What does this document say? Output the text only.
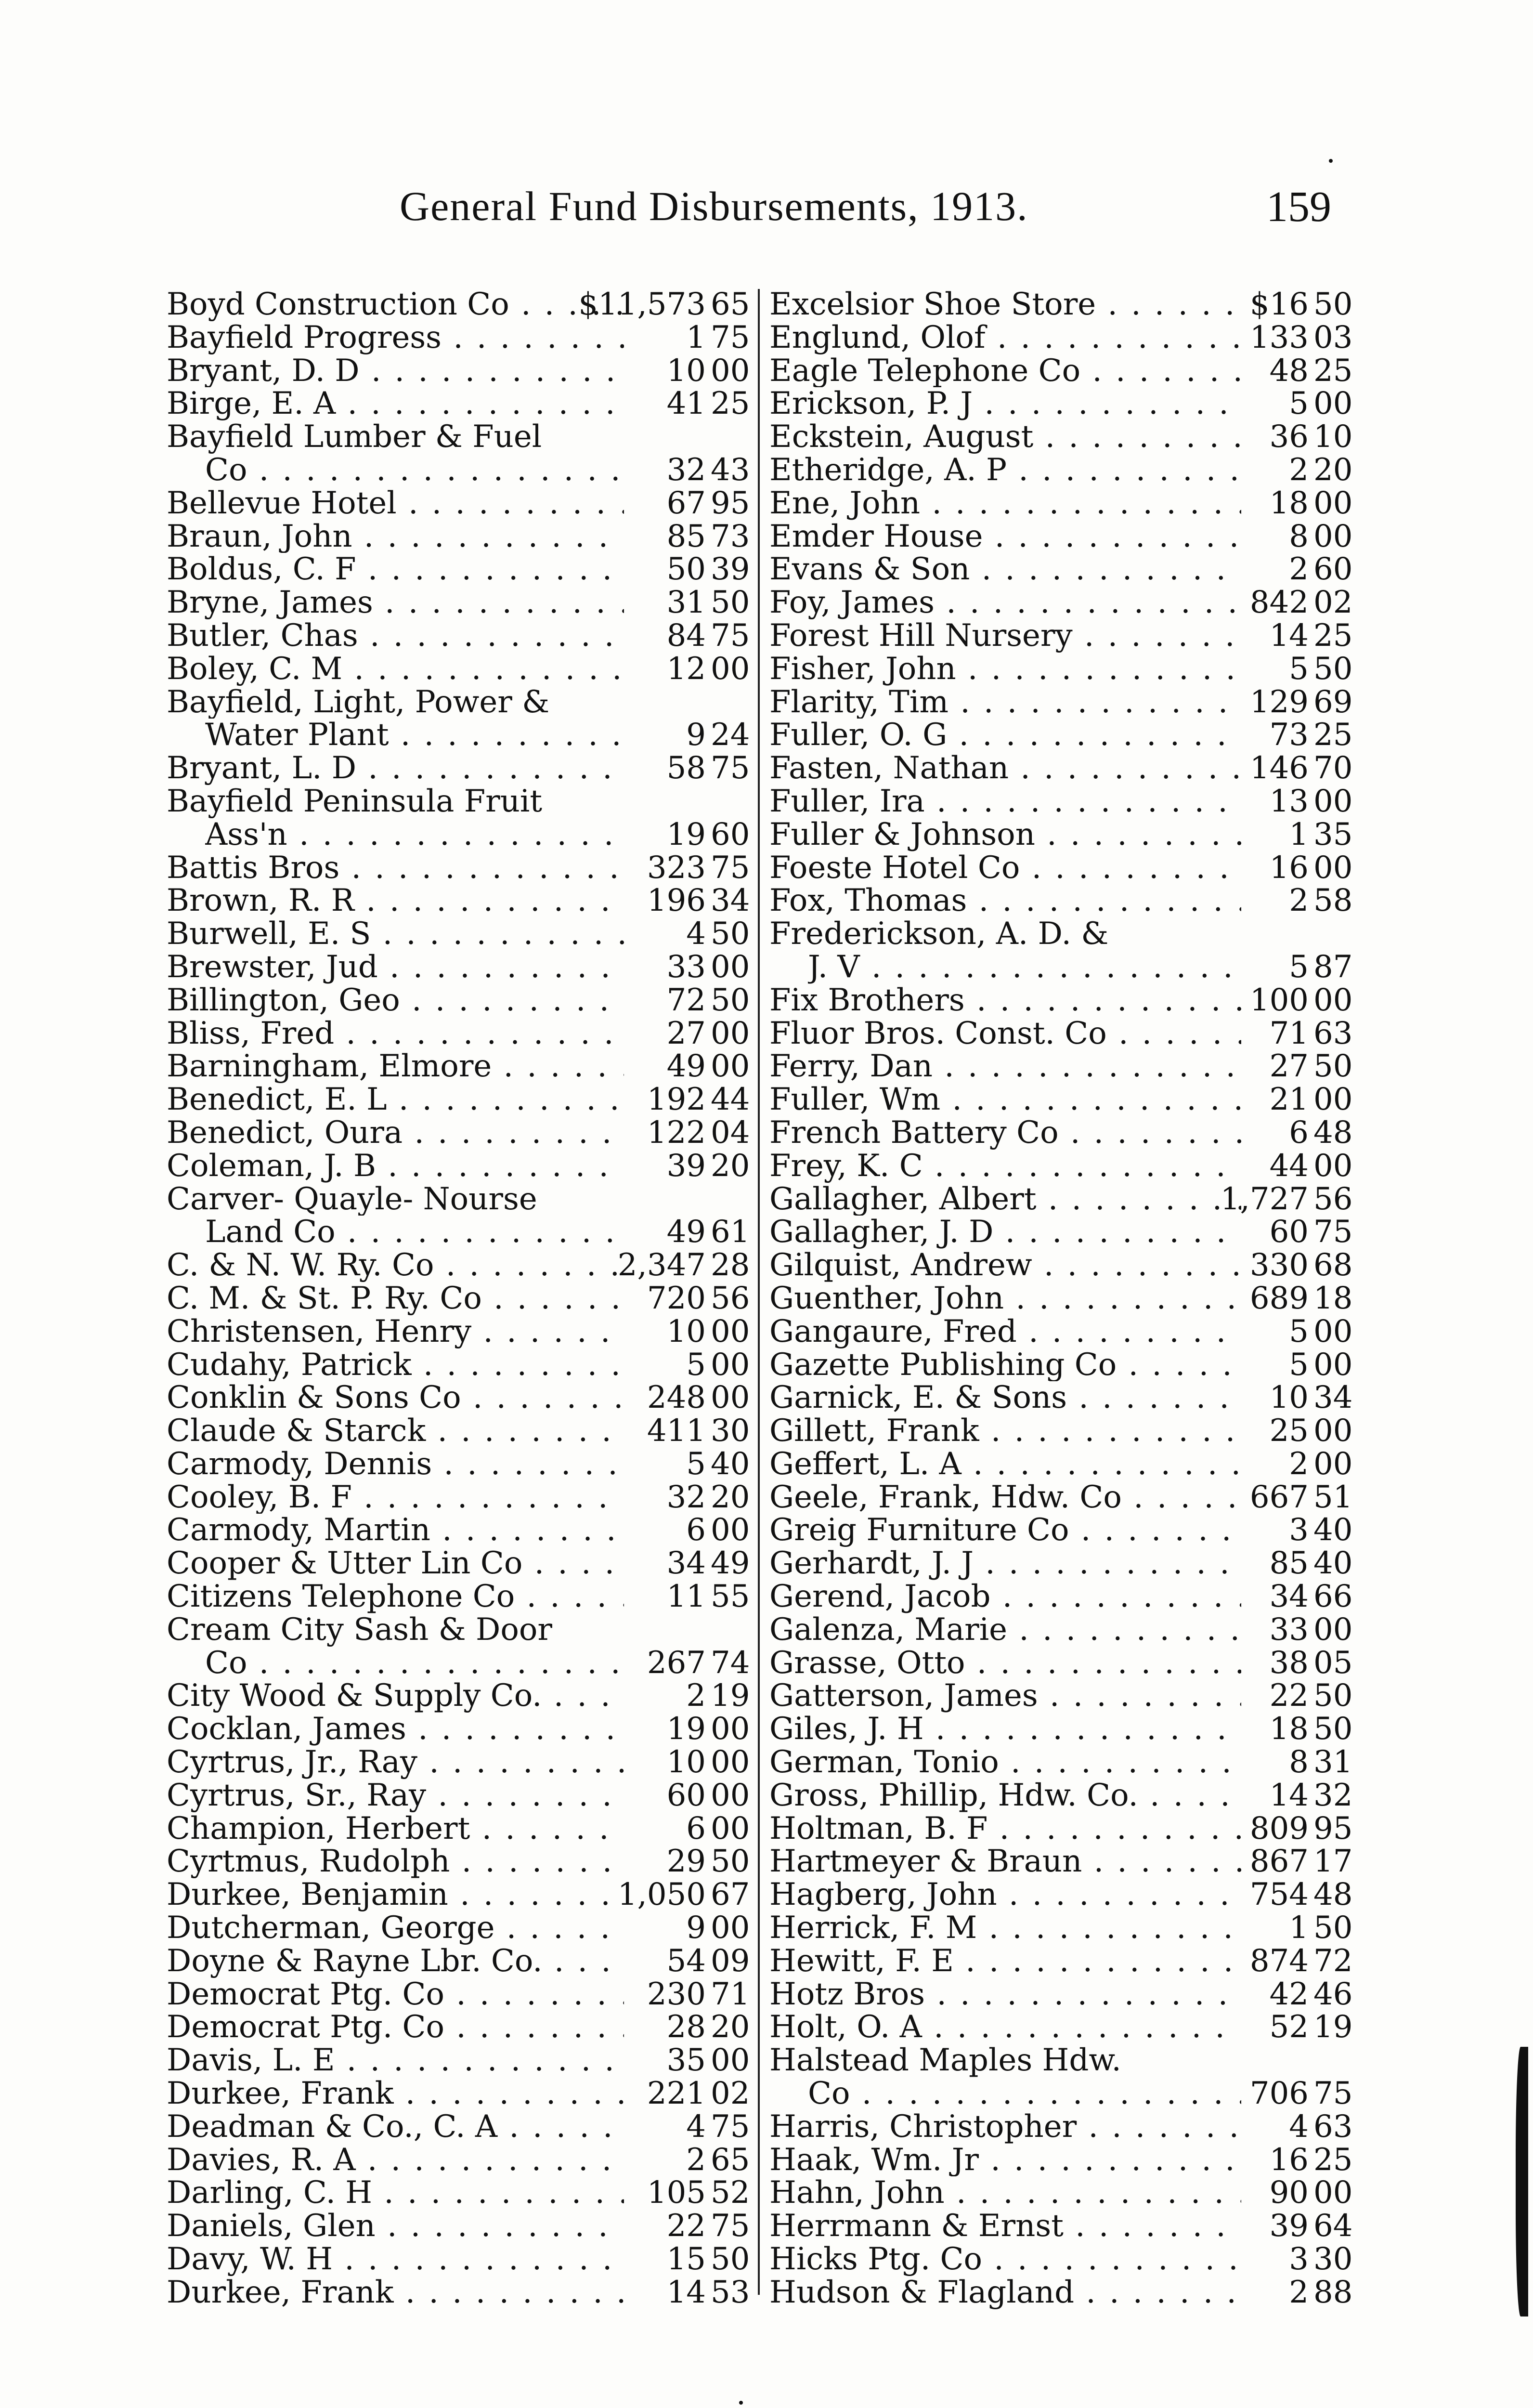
General Fund Disbursements, 1913.	159
Boyd Construction Co . . .	$11,573 65
Bayfield Progress . . .	1 75
Bryant, D. D . . .	10 00
Birge, E. A . . .	41 25
Bayfield Lumber & Fuel
Co . . .	32 43
Bellevue Hotel . . .	67 95
Braun, John . . .	85 73
Boldus, C. F . . .	50 39
Bryne, James . . .	31 50
Butler, Chas . . .	84 75
Boley, C. M . . .	12 00
Bayfield, Light, Power &
Water Plant . . .	9 24
Bryant, L. D . . .	58 75
Bayfield Peninsula Fruit
Ass'n . . .	19 60
Battis Bros . . .	323 75
Brown, R. R . . .	196 34
Burwell, E. S . . .	4 50
Brewster, Jud . . .	33 00
Billington, Geo . . .	72 50
Bliss, Fred . . .	27 00
Barningham, Elmore . . .	49 00
Benedict, E. L . . .	192 44
Benedict, Oura . . .	122 04
Coleman, J. B . . .	39 20
Carver- Quayle- Nourse
Land Co . . .	49 61
C. & N. W. Ry. Co . . .	2,347 28
C. M. & St. P. Ry. Co . . .	720 56
Christensen, Henry . . .	10 00
Cudahy, Patrick . . .	5 00
Conklin & Sons Co . . .	248 00
Claude & Starck . . .	411 30
Carmody, Dennis . . .	5 40
Cooley, B. F . . .	32 20
Carmody, Martin . . .	6 00
Cooper & Utter Lin Co . . .	34 49
Citizens Telephone Co . . .	11 55
Cream City Sash & Door
Co . . .	267 74
City Wood & Supply Co. . . .	2 19
Cocklan, James . . .	19 00
Cyrtrus, Jr., Ray . . .	10 00
Cyrtrus, Sr., Ray . . .	60 00
Champion, Herbert . . .	6 00
Cyrtmus, Rudolph . . .	29 50
Durkee, Benjamin . . .	1,050 67
Dutcherman, George . . .	9 00
Doyne & Rayne Lbr. Co. . . .	54 09
Democrat Ptg. Co . . .	230 71
Democrat Ptg. Co . . .	28 20
Davis, L. E . . .	35 00
Durkee, Frank . . .	221 02
Deadman & Co., C. A . . .	4 75
Davies, R. A . . .	2 65
Darling, C. H . . .	105 52
Daniels, Glen . . .	22 75
Davy, W. H . . .	15 50
Durkee, Frank . . .	14 53
Excelsior Shoe Store . . .	$16 50
Englund, Olof . . .	133 03
Eagle Telephone Co . . .	48 25
Erickson, P. J . . .	5 00
Eckstein, August . . .	36 10
Etheridge, A. P . . .	2 20
Ene, John . . .	18 00
Emder House . . .	8 00
Evans & Son . . .	2 60
Foy, James . . .	842 02
Forest Hill Nursery . . .	14 25
Fisher, John . . .	5 50
Flarity, Tim . . .	129 69
Fuller, O. G . . .	73 25
Fasten, Nathan . . .	146 70
Fuller, Ira . . .	13 00
Fuller & Johnson . . .	1 35
Foeste Hotel Co . . .	16 00
Fox, Thomas . . .	2 58
Frederickson, A. D. &
J. V . . .	5 87
Fix Brothers . . .	100 00
Fluor Bros. Const. Co . . .	71 63
Ferry, Dan . . .	27 50
Fuller, Wm . . .	21 00
French Battery Co . . .	6 48
Frey, K. C . . .	44 00
Gallagher, Albert . . .	1,727 56
Gallagher, J. D . . .	60 75
Gilquist, Andrew . . .	330 68
Guenther, John . . .	689 18
Gangaure, Fred . . .	5 00
Gazette Publishing Co . . .	5 00
Garnick, E. & Sons . . .	10 34
Gillett, Frank . . .	25 00
Geffert, L. A . . .	2 00
Geele, Frank, Hdw. Co . . .	667 51
Greig Furniture Co . . .	3 40
Gerhardt, J. J . . .	85 40
Gerend, Jacob . . .	34 66
Galenza, Marie . . .	33 00
Grasse, Otto . . .	38 05
Gatterson, James . . .	22 50
Giles, J. H . . .	18 50
German, Tonio . . .	8 31
Gross, Phillip, Hdw. Co. . . .	14 32
Holtman, B. F . . .	809 95
Hartmeyer & Braun . . .	867 17
Hagberg, John . . .	754 48
Herrick, F. M . . .	1 50
Hewitt, F. E . . .	874 72
Hotz Bros . . .	42 46
Holt, O. A . . .	52 19
Halstead Maples Hdw.
Co . . .	706 75
Harris, Christopher . . .	4 63
Haak, Wm. Jr . . .	16 25
Hahn, John . . .	90 00
Herrmann & Ernst . . .	39 64
Hicks Ptg. Co . . .	3 30
Hudson & Flagland . . .	2 88
